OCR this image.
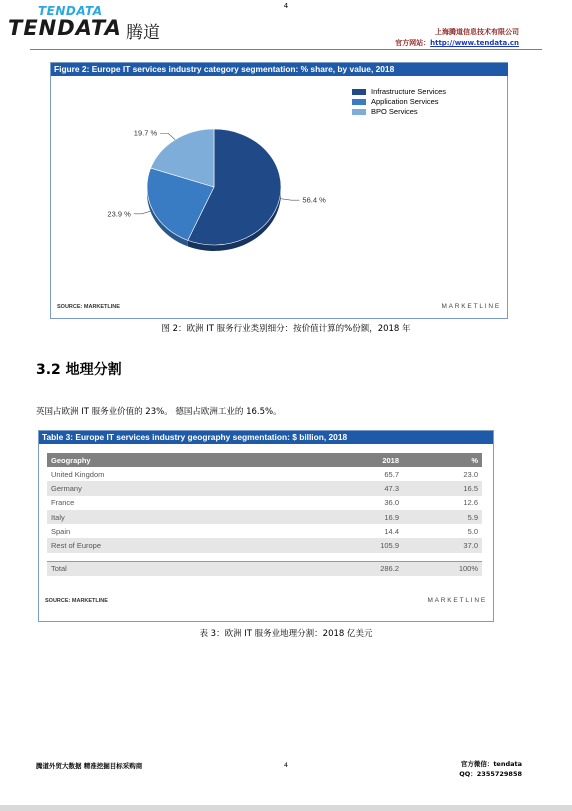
4
TENDATA
TENDATA 腾道	上海腾道信息技术有限公司
官方网站：http://www.tendata.cn
Figure 2: Europe IT services industry category segmentation: % share, by value, 2018
56.4 %
23.9 %
19.7 %
Infrastructure Services
Application Services
BPO Services
SOURCE: MARKETLINE	MARKETLINE
图 2：欧洲 IT 服务行业类别细分：按价值计算的%份额，2018 年
3.2 地理分割
英国占欧洲 IT 服务业价值的 23%。 德国占欧洲工业的 16.5%。
Table 3: Europe IT services industry geography segmentation: $ billion, 2018
Geography	2018	%
United Kingdom	65.7	23.0
Germany	47.3	16.5
France	36.0	12.6
Italy	16.9	5.9
Spain	14.4	5.0
Rest of Europe	105.9	37.0

Total	286.2	100%
SOURCE: MARKETLINE	MARKETLINE
表 3：欧洲 IT 服务业地理分割：2018 亿美元
腾道外贸大数据 精准挖掘目标采购商	4	官方微信：tendata
QQ：2355729858
